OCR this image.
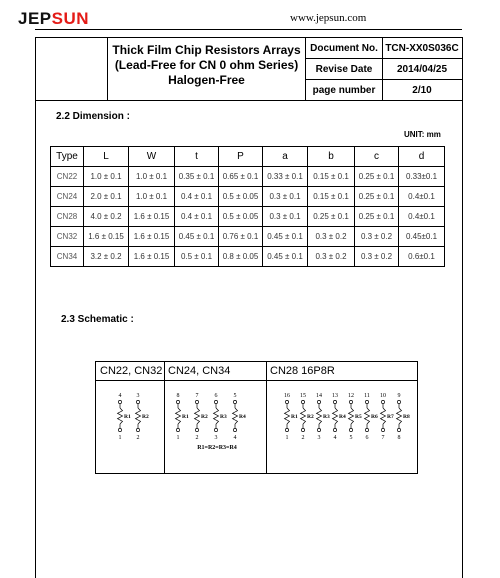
JEPSUN	www.jepsun.com
Thick Film Chip Resistors Arrays
(Lead-Free for CN 0 ohm Series)
Halogen-Free
Document No. TCN-XX0S036C
Revise Date	2014/04/25
page number	2/10
2.2 Dimension :
UNIT: mm
Type	L	W	t	P	a	b	c	d
CN22	1.0 ± 0.1	1.0 ± 0.1	0.35 ± 0.1	0.65 ± 0.1	0.33 ± 0.1	0.15 ± 0.1	0.25 ± 0.1	0.33±0.1
CN24	2.0 ± 0.1	1.0 ± 0.1	0.4 ± 0.1	0.5 ± 0.05	0.3 ± 0.1	0.15 ± 0.1	0.25 ± 0.1	0.4±0.1
CN28	4.0 ± 0.2	1.6 ± 0.15	0.4 ± 0.1	0.5 ± 0.05	0.3 ± 0.1	0.25 ± 0.1	0.25 ± 0.1	0.4±0.1
CN32	1.6 ± 0.15	1.6 ± 0.15	0.45 ± 0.1	0.76 ± 0.1	0.45 ± 0.1	0.3 ± 0.2	0.3 ± 0.2	0.45±0.1
CN34	3.2 ± 0.2	1.6 ± 0.15	0.5 ± 0.1	0.8 ± 0.05	0.45 ± 0.1	0.3 ± 0.2	0.3 ± 0.2	0.6±0.1
2.3 Schematic :
CN22, CN32 CN24, CN34	CN28 16P8R
4
1
R1
3
2
R2
8
1
R1
7
2
R2
6
3
R3
5
4
R4
R1=R2=R3=R4
16
1
R1
15
2
R2
14
3
R3
13
4
R4
12
5
R5
11
6
R6
10
7
R7
9
8
R8
